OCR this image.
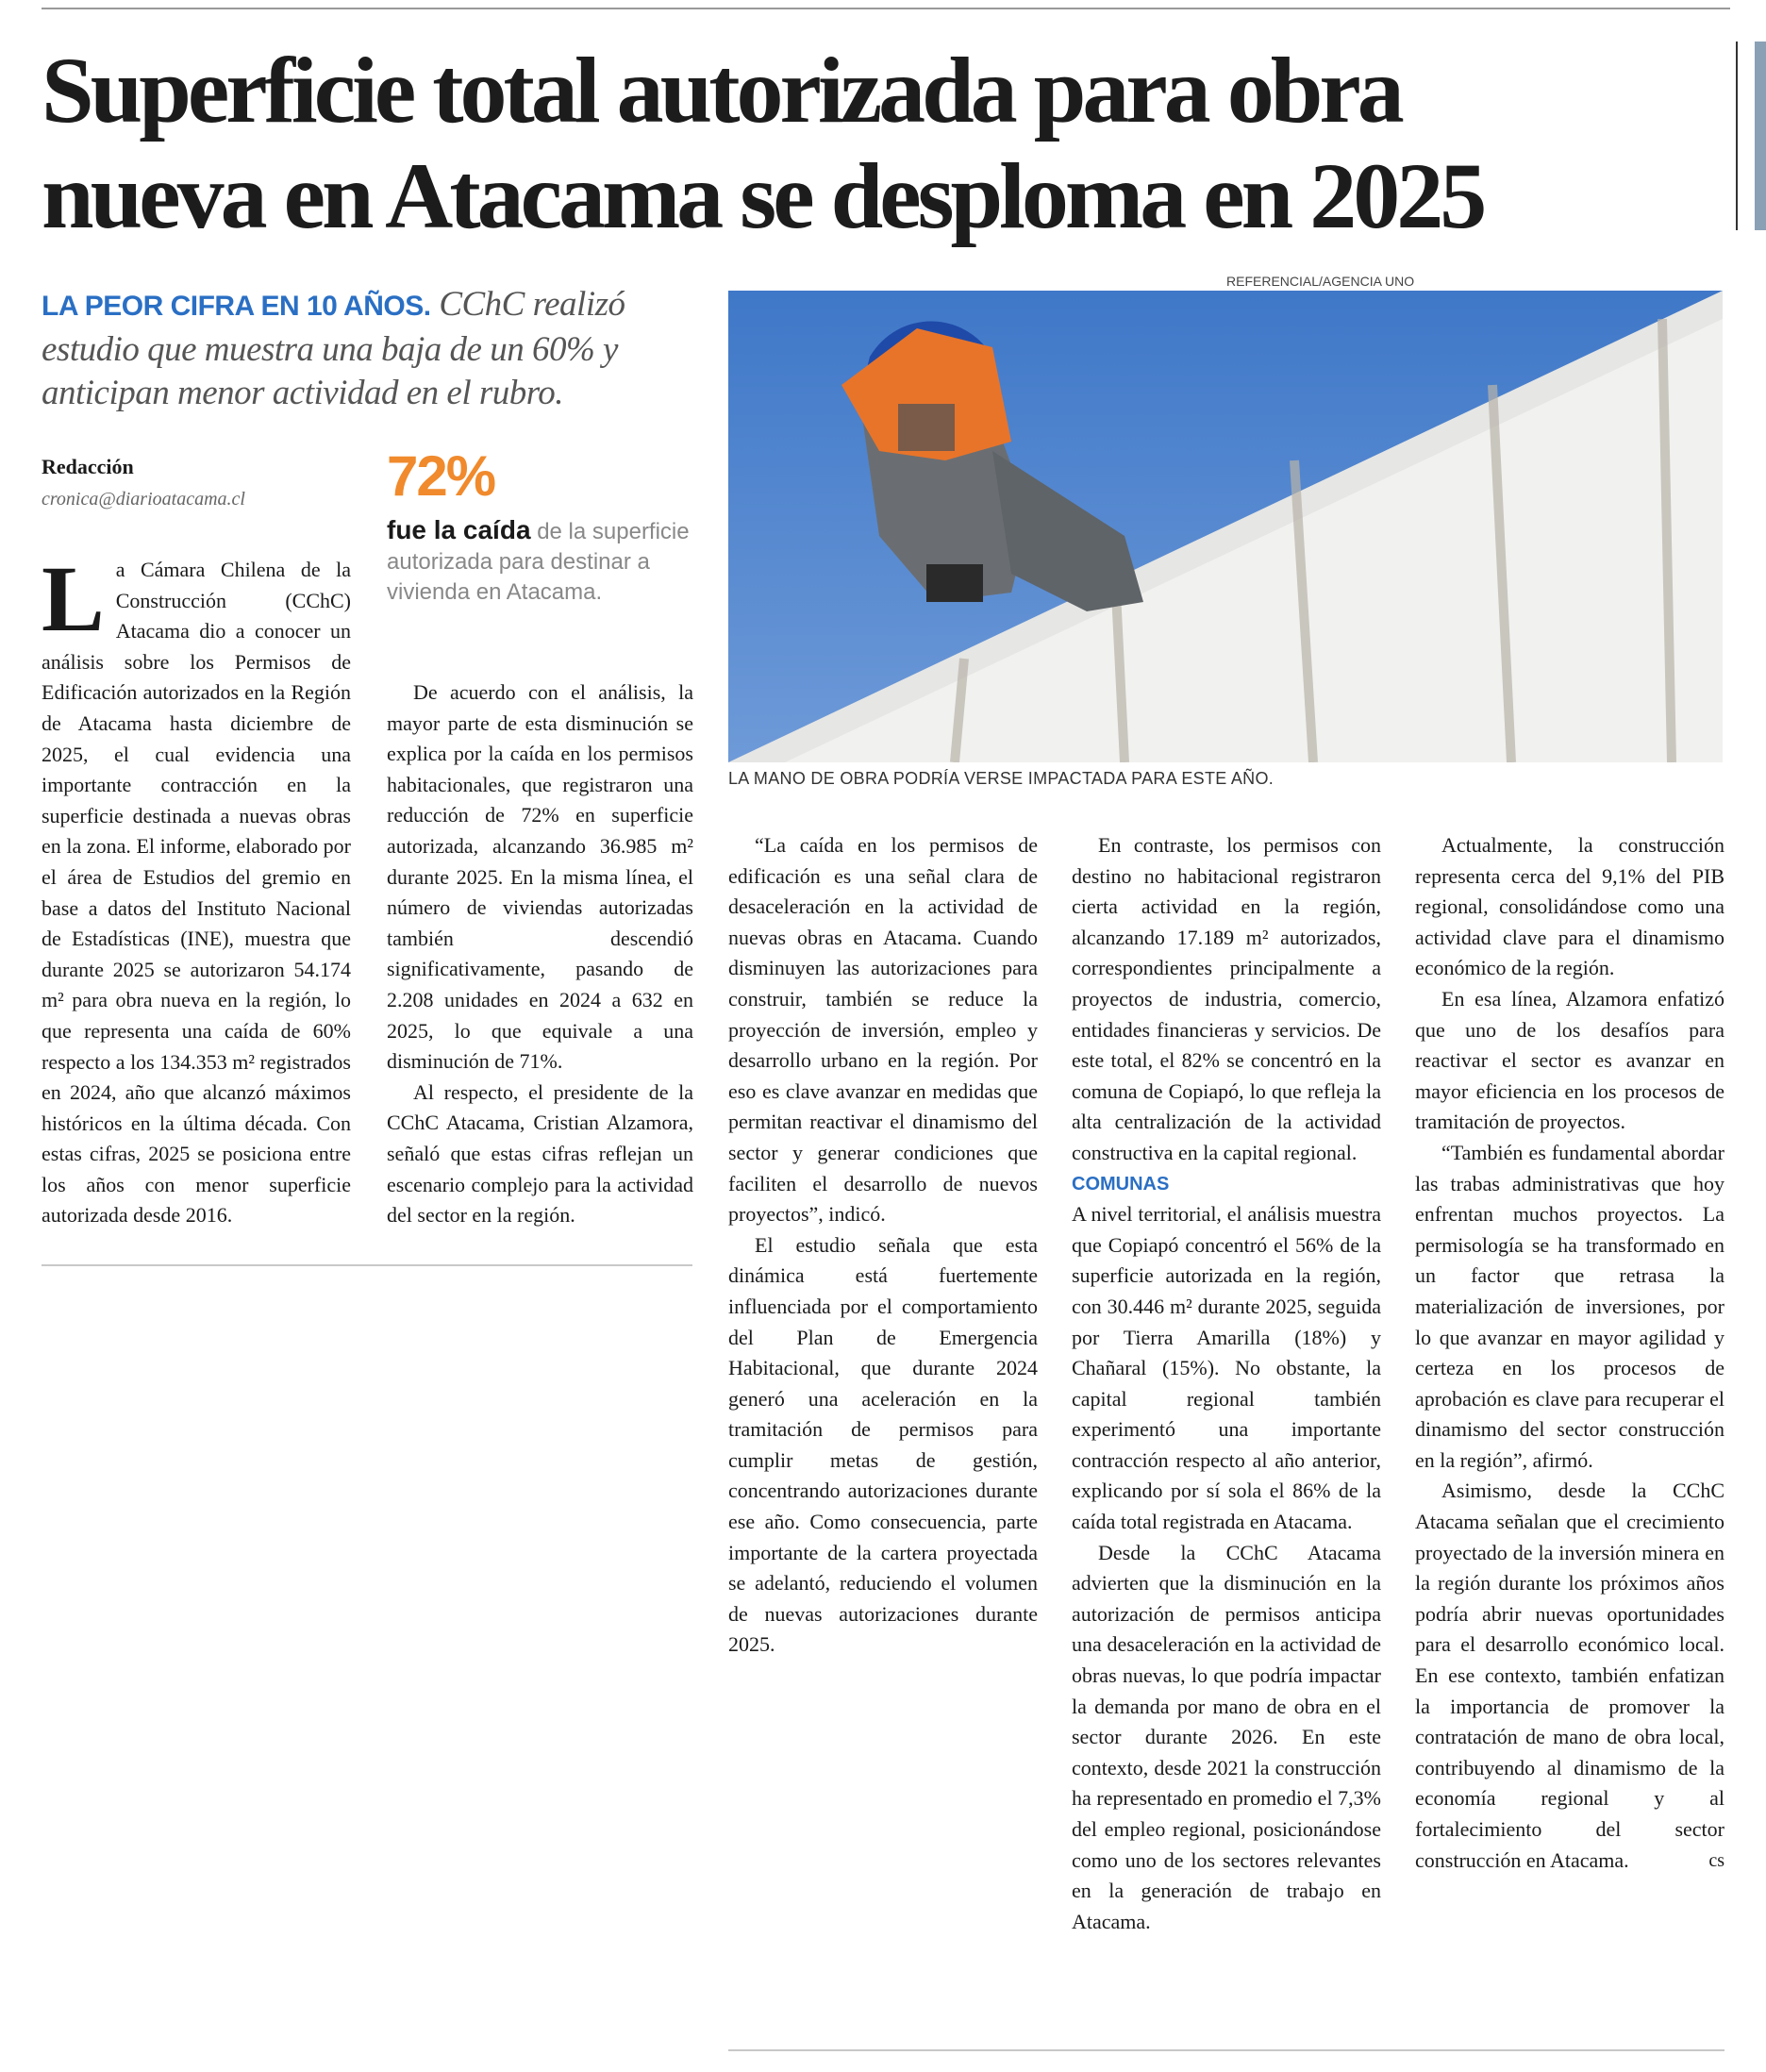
Superficie total autorizada para obra
nueva en Atacama se desploma en 2025
LA PEOR CIFRA EN 10 AÑOS. CChC realizó estudio que muestra una baja de un 60% y anticipan menor actividad en el rubro.
Redacción
cronica@diarioatacama.cl	72%
fue la caída de la superficie autorizada para destinar a vivienda en Atacama.

La Cámara Chilena de la Construcción (CChC) Atacama dio a conocer un análisis sobre los Permisos de Edificación autorizados en la Región de Atacama hasta diciembre de 2025, el cual evidencia una importante contracción en la superficie destinada a nuevas obras en la zona. El informe, elaborado por el área de Estudios del gremio en base a datos del Instituto Nacional de Estadísticas (INE), muestra que durante 2025 se autorizaron 54.174 m² para obra nueva en la región, lo que representa una caída de 60% respecto a los 134.353 m² registrados en 2024, año que alcanzó máximos históricos en la última década. Con estas cifras, 2025 se posiciona entre los años con menor superficie autorizada desde 2016.

De acuerdo con el análisis, la mayor parte de esta disminución se explica por la caída en los permisos habitacionales, que registraron una reducción de 72% en superficie autorizada, alcanzando 36.985 m² durante 2025. En la misma línea, el número de viviendas autorizadas también descendió significativamente, pasando de 2.208 unidades en 2024 a 632 en 2025, lo que equivale a una disminución de 71%.

Al respecto, el presidente de la CChC Atacama, Cristian Alzamora, señaló que estas cifras reflejan un escenario complejo para la actividad del sector en la región.

REFERENCIAL/AGENCIA UNO
LA MANO DE OBRA PODRÍA VERSE IMPACTADA PARA ESTE AÑO.

“La caída en los permisos de edificación es una señal clara de desaceleración en la actividad de nuevas obras en Atacama. Cuando disminuyen las autorizaciones para construir, también se reduce la proyección de inversión, empleo y desarrollo urbano en la región. Por eso es clave avanzar en medidas que permitan reactivar el dinamismo del sector y generar condiciones que faciliten el desarrollo de nuevos proyectos”, indicó.

El estudio señala que esta dinámica está fuertemente influenciada por el comportamiento del Plan de Emergencia Habitacional, que durante 2024 generó una aceleración en la tramitación de permisos para cumplir metas de gestión, concentrando autorizaciones durante ese año. Como consecuencia, parte importante de la cartera proyectada se adelantó, reduciendo el volumen de nuevas autorizaciones durante 2025.

En contraste, los permisos con destino no habitacional registraron cierta actividad en la región, alcanzando 17.189 m² autorizados, correspondientes principalmente a proyectos de industria, comercio, entidades financieras y servicios. De este total, el 82% se concentró en la comuna de Copiapó, lo que refleja la alta centralización de la actividad constructiva en la capital regional.

COMUNAS

A nivel territorial, el análisis muestra que Copiapó concentró el 56% de la superficie autorizada en la región, con 30.446 m² durante 2025, seguida por Tierra Amarilla (18%) y Chañaral (15%). No obstante, la capital regional también experimentó una importante contracción respecto al año anterior, explicando por sí sola el 86% de la caída total registrada en Atacama.

Desde la CChC Atacama advierten que la disminución en la autorización de permisos anticipa una desaceleración en la actividad de obras nuevas, lo que podría impactar la demanda por mano de obra en el sector durante 2026. En este contexto, desde 2021 la construcción ha representado en promedio el 7,3% del empleo regional, posicionándose como uno de los sectores relevantes en la generación de trabajo en Atacama.

Actualmente, la construcción representa cerca del 9,1% del PIB regional, consolidándose como una actividad clave para el dinamismo económico de la región.

En esa línea, Alzamora enfatizó que uno de los desafíos para reactivar el sector es avanzar en mayor eficiencia en los procesos de tramitación de proyectos.

“También es fundamental abordar las trabas administrativas que hoy enfrentan muchos proyectos. La permisología se ha transformado en un factor que retrasa la materialización de inversiones, por lo que avanzar en mayor agilidad y certeza en los procesos de aprobación es clave para recuperar el dinamismo del sector construcción en la región”, afirmó.

Asimismo, desde la CChC Atacama señalan que el crecimiento proyectado de la inversión minera en la región durante los próximos años podría abrir nuevas oportunidades para el desarrollo económico local. En ese contexto, también enfatizan la importancia de promover la contratación de mano de obra local, contribuyendo al dinamismo de la economía regional y al fortalecimiento del sector construcción en Atacama.	cs
